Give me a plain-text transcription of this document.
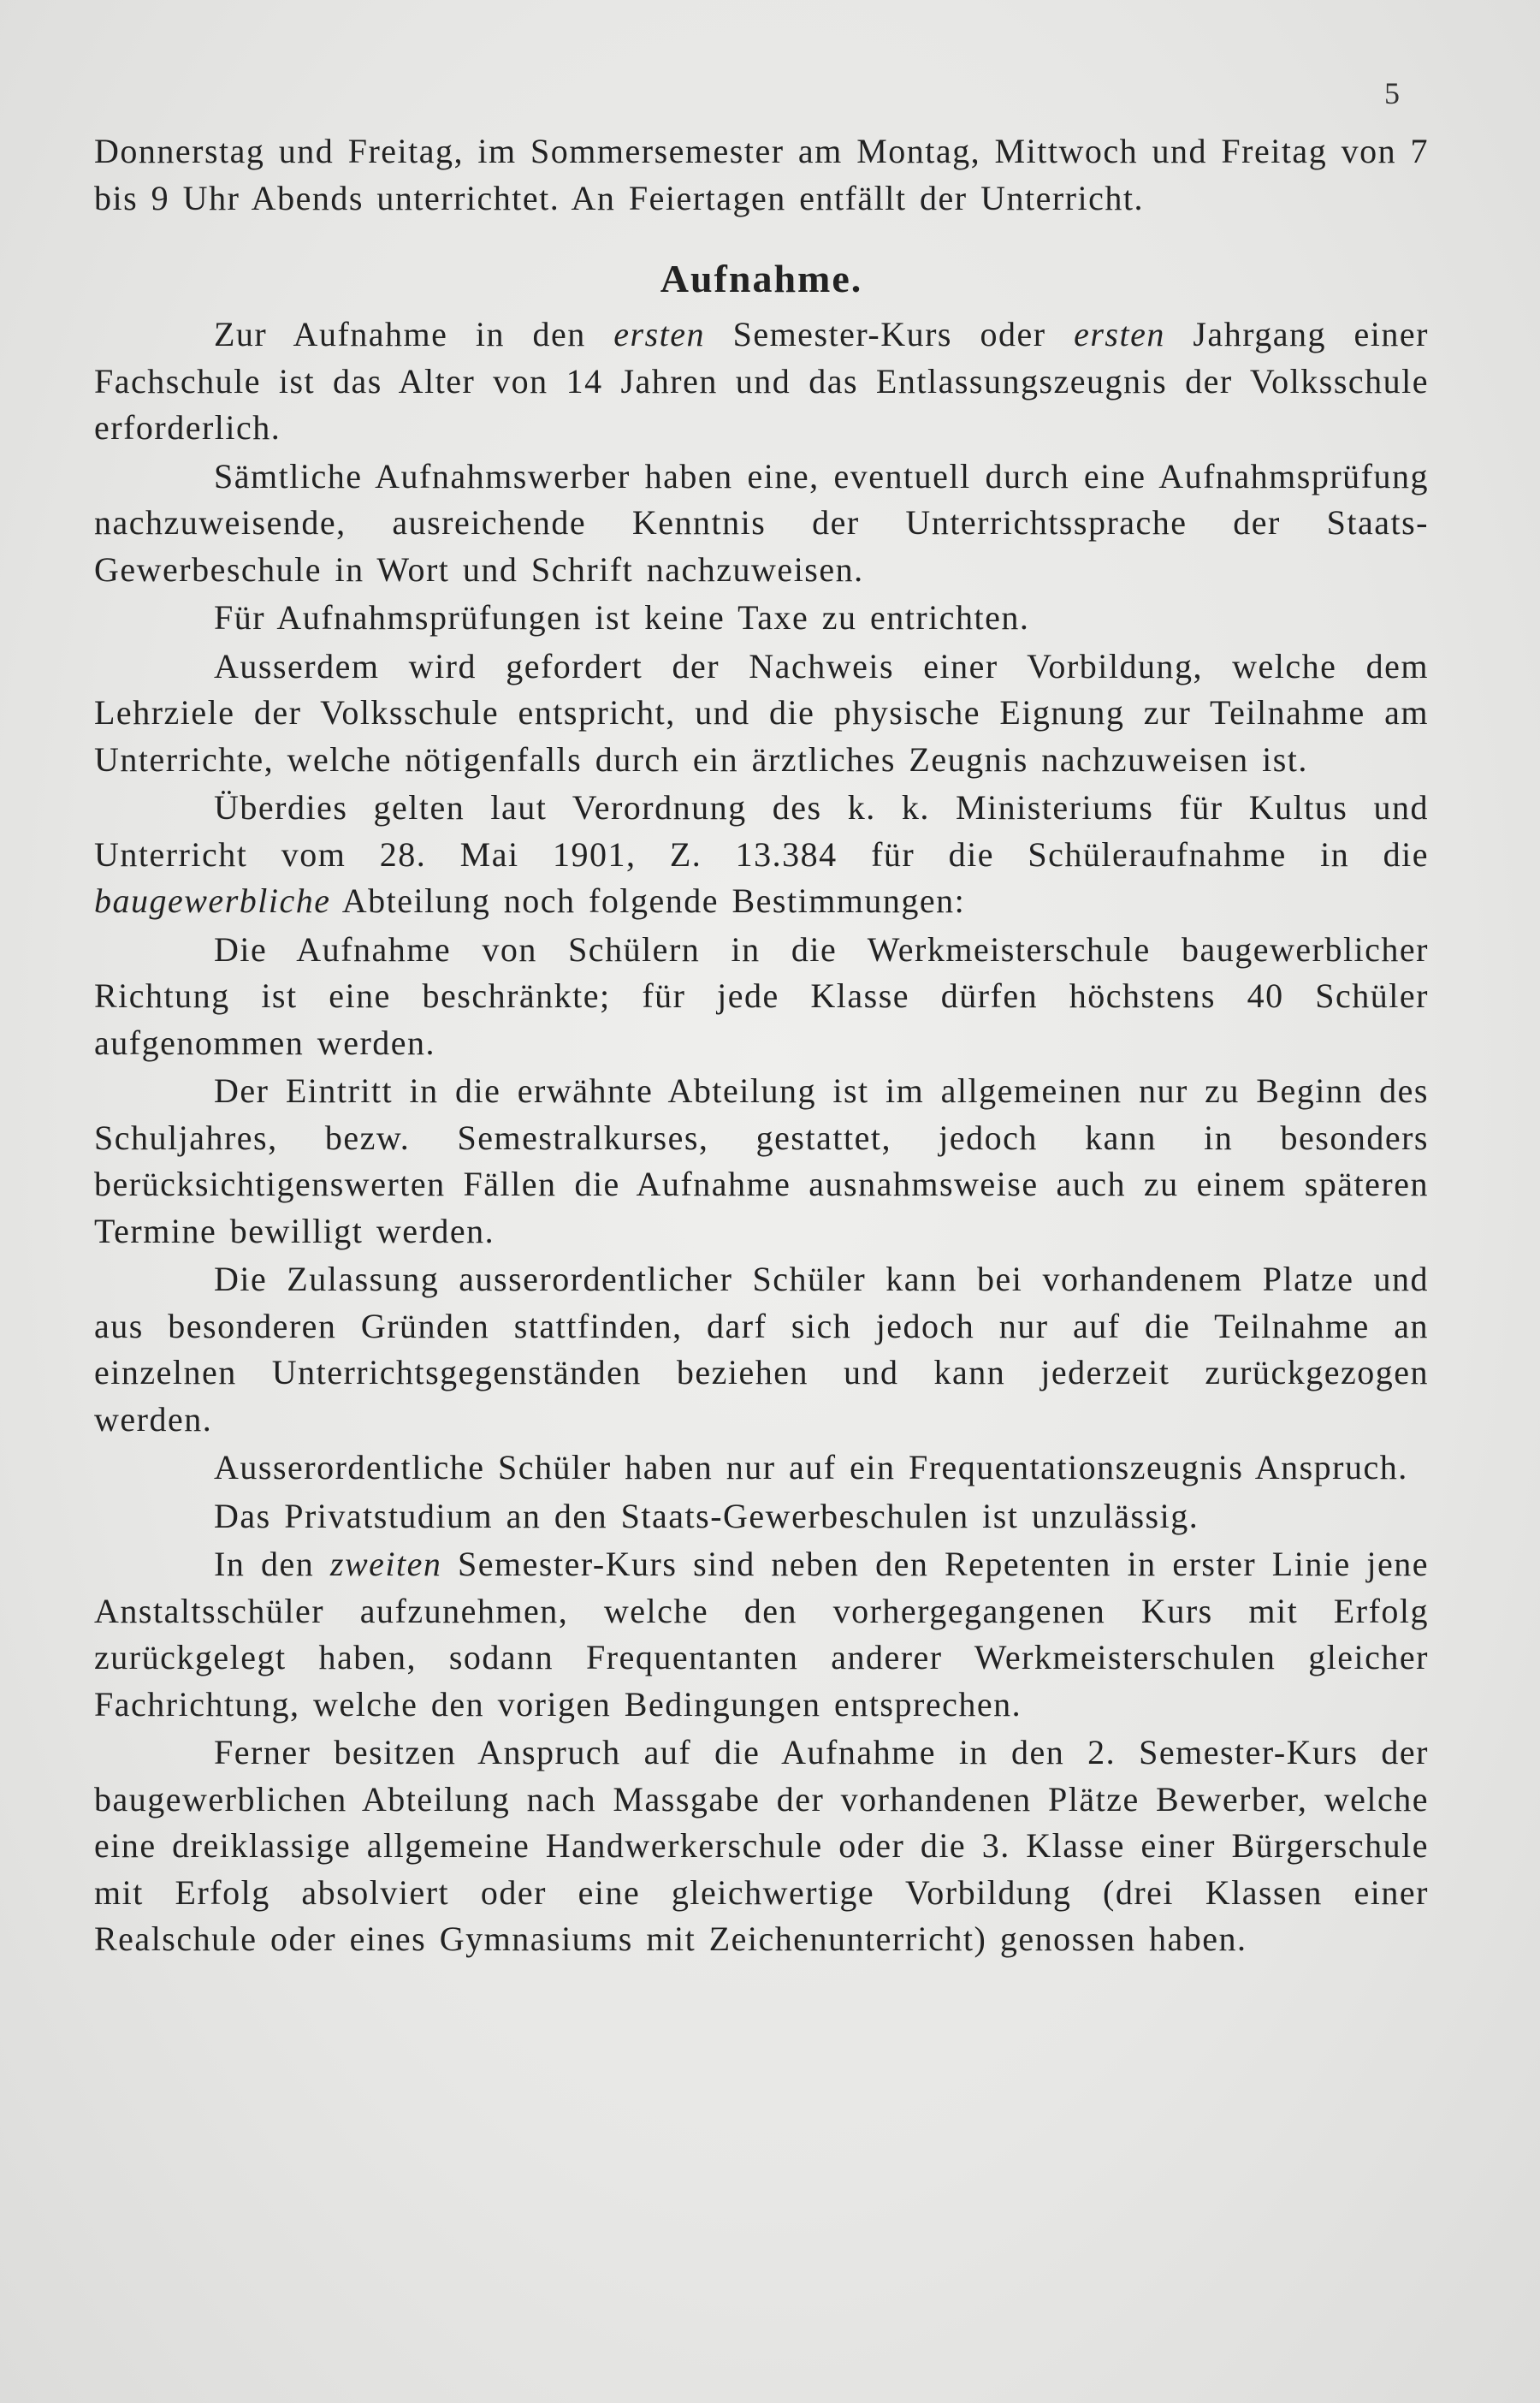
5

Donnerstag und Freitag, im Sommersemester am Montag, Mittwoch und Freitag von 7 bis 9 Uhr Abends unterrichtet. An Feiertagen entfällt der Unterricht.

Aufnahme.

Zur Aufnahme in den ersten Semester-Kurs oder ersten Jahrgang einer Fachschule ist das Alter von 14 Jahren und das Entlassungszeugnis der Volksschule erforderlich.

Sämtliche Aufnahmswerber haben eine, eventuell durch eine Aufnahmsprüfung nachzuweisende, ausreichende Kenntnis der Unterrichtssprache der Staats-Gewerbeschule in Wort und Schrift nachzuweisen.

Für Aufnahmsprüfungen ist keine Taxe zu entrichten.

Ausserdem wird gefordert der Nachweis einer Vorbildung, welche dem Lehrziele der Volksschule entspricht, und die physische Eignung zur Teilnahme am Unterrichte, welche nötigenfalls durch ein ärztliches Zeugnis nachzuweisen ist.

Überdies gelten laut Verordnung des k. k. Ministeriums für Kultus und Unterricht vom 28. Mai 1901, Z. 13.384 für die Schüleraufnahme in die baugewerbliche Abteilung noch folgende Bestimmungen:

Die Aufnahme von Schülern in die Werkmeisterschule baugewerblicher Richtung ist eine beschränkte; für jede Klasse dürfen höchstens 40 Schüler aufgenommen werden.

Der Eintritt in die erwähnte Abteilung ist im allgemeinen nur zu Beginn des Schuljahres, bezw. Semestralkurses, gestattet, jedoch kann in besonders berücksichtigenswerten Fällen die Aufnahme ausnahmsweise auch zu einem späteren Termine bewilligt werden.

Die Zulassung ausserordentlicher Schüler kann bei vorhandenem Platze und aus besonderen Gründen stattfinden, darf sich jedoch nur auf die Teilnahme an einzelnen Unterrichtsgegenständen beziehen und kann jederzeit zurückgezogen werden.

Ausserordentliche Schüler haben nur auf ein Frequentationszeugnis Anspruch.

Das Privatstudium an den Staats-Gewerbeschulen ist unzulässig.

In den zweiten Semester-Kurs sind neben den Repetenten in erster Linie jene Anstaltsschüler aufzunehmen, welche den vorhergegangenen Kurs mit Erfolg zurückgelegt haben, sodann Frequentanten anderer Werkmeisterschulen gleicher Fachrichtung, welche den vorigen Bedingungen entsprechen.

Ferner besitzen Anspruch auf die Aufnahme in den 2. Semester-Kurs der baugewerblichen Abteilung nach Massgabe der vorhandenen Plätze Bewerber, welche eine dreiklassige allgemeine Handwerkerschule oder die 3. Klasse einer Bürgerschule mit Erfolg absolviert oder eine gleichwertige Vorbildung (drei Klassen einer Realschule oder eines Gymnasiums mit Zeichenunterricht) genossen haben.
